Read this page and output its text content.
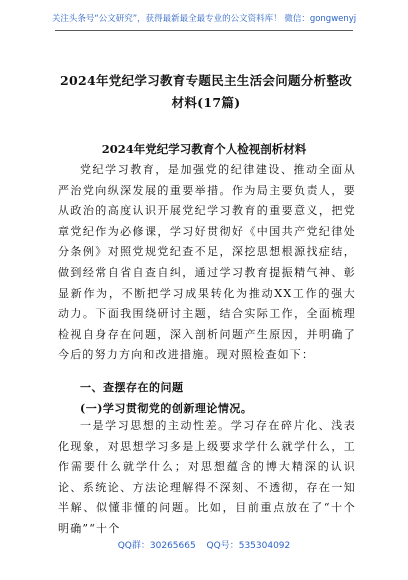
关注头条号“公文研究”，获得最新最全最专业的公文资料库！ 微信：gongwenyj
2024年党纪学习教育专题民主生活会问题分析整改材料(17篇)
2024年党纪学习教育个人检视剖析材料

党纪学习教育，是加强党的纪律建设、推动全面从严治党向纵深发展的重要举措。作为局主要负责人，要从政治的高度认识开展党纪学习教育的重要意义，把党章党纪作为必修课，学习好贯彻好《中国共产党纪律处分条例》对照党规党纪查不足，深挖思想根源找症结，做到经常自省自查自纠，通过学习教育提振精气神、彰显新作为，不断把学习成果转化为推动XX工作的强大动力。下面我围绕研讨主题，结合实际工作，全面梳理检视自身存在问题，深入剖析问题产生原因，并明确了今后的努力方向和改进措施。现对照检查如下：

一、查摆存在的问题
(一)学习贯彻党的创新理论情况。

一是学习思想的主动性差。学习存在碎片化、浅表化现象，对思想学习多是上级要求学什么就学什么，工作需要什么就学什么；对思想蕴含的博大精深的认识论、系统论、方法论理解得不深刻、不透彻，存在一知半解、似懂非懂的问题。比如，目前重点放在了“十个明确”“十个

QQ群：30265665 QQ号：535304092
